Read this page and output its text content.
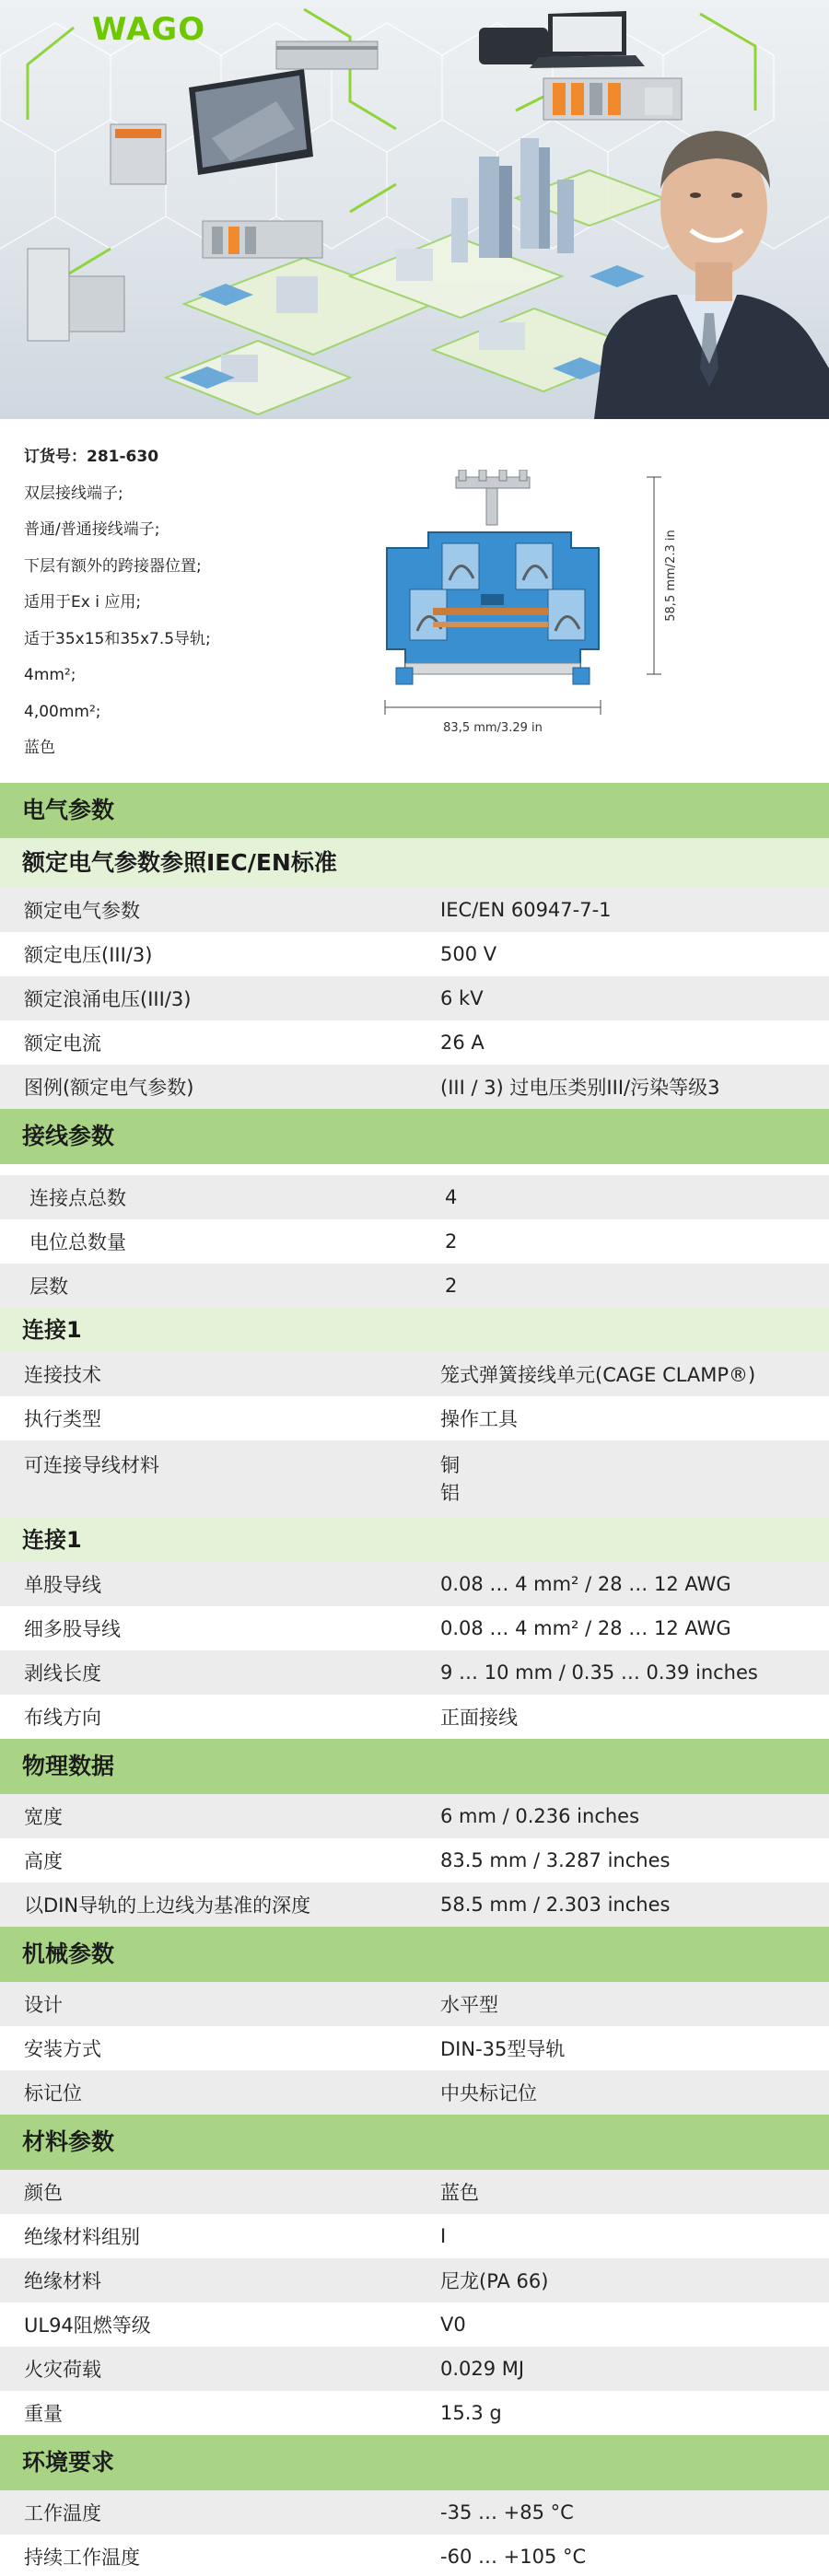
WAGO
订货号：281-630
双层接线端子;
普通/普通接线端子;
下层有额外的跨接器位置;
适用于Ex i 应用;
适于35x15和35x7.5导轨;
4mm²;
4,00mm²;
蓝色
58,5 mm/2.3 in
83,5 mm/3.29 in
电气参数
额定电气参数参照IEC/EN标准
额定电气参数	IEC/EN 60947-7-1
额定电压(III/3)	500 V
额定浪涌电压(III/3)	6 kV
额定电流	26 A
图例(额定电气参数)	(III / 3) 过电压类别III/污染等级3
接线参数
连接点总数	4
电位总数量	2
层数	2
连接1
连接技术	笼式弹簧接线单元(CAGE CLAMP®)
执行类型	操作工具
可连接导线材料	铜
铝
连接1
单股导线	0.08 … 4 mm² / 28 … 12 AWG
细多股导线	0.08 … 4 mm² / 28 … 12 AWG
剥线长度	9 … 10 mm / 0.35 … 0.39 inches
布线方向	正面接线
物理数据
宽度	6 mm / 0.236 inches
高度	83.5 mm / 3.287 inches
以DIN导轨的上边线为基准的深度	58.5 mm / 2.303 inches
机械参数
设计	水平型
安装方式	DIN-35型导轨
标记位	中央标记位
材料参数
颜色	蓝色
绝缘材料组别	I
绝缘材料	尼龙(PA 66)
UL94阻燃等级	V0
火灾荷载	0.029 MJ
重量	15.3 g
环境要求
工作温度	-35 … +85 °C
持续工作温度	-60 … +105 °C
